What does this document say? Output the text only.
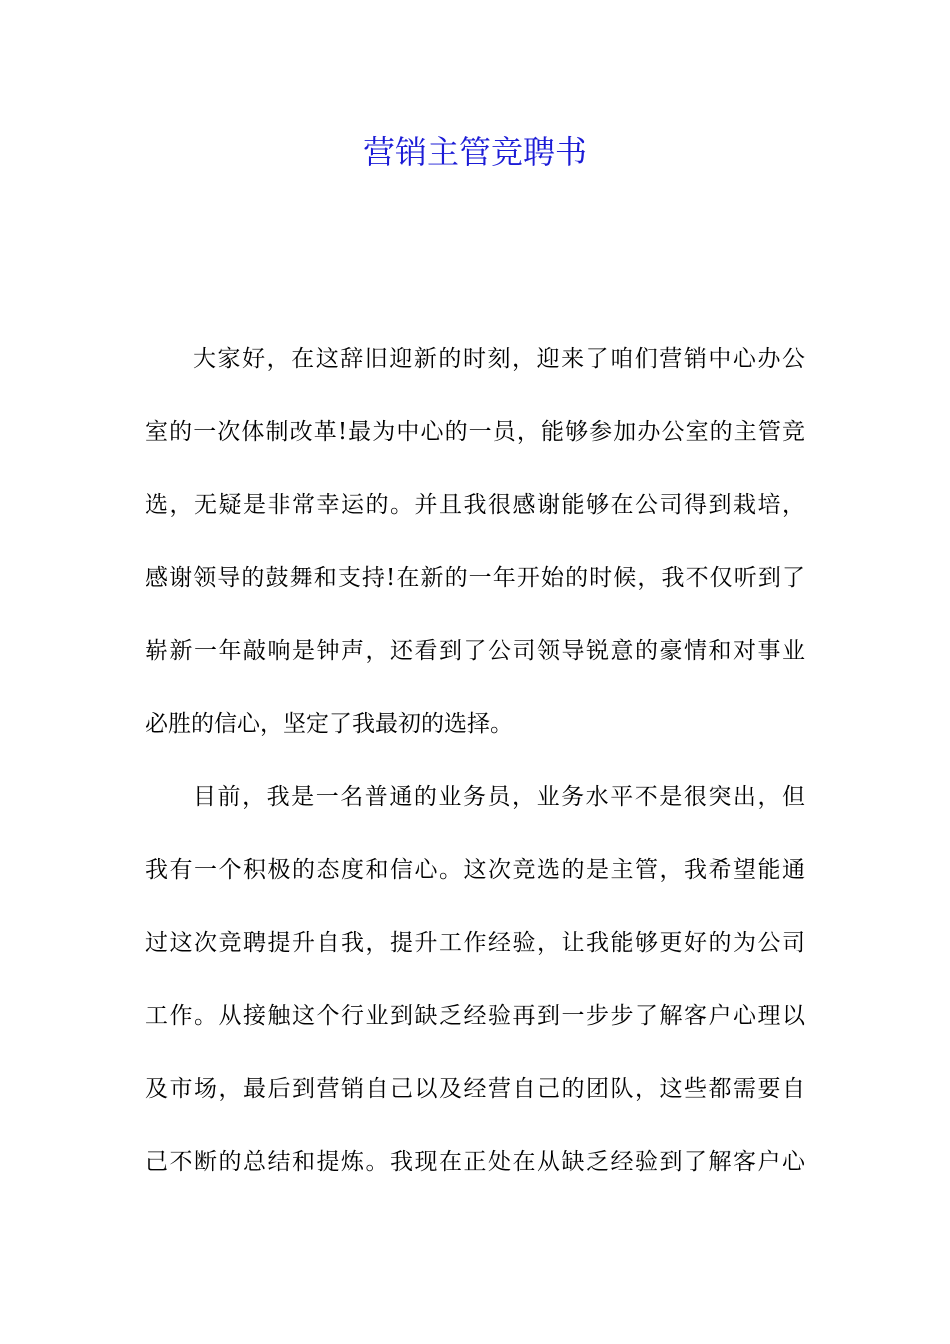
营销主管竞聘书
大家好，在这辞旧迎新的时刻，迎来了咱们营销中心办公
室的一次体制改革!最为中心的一员，能够参加办公室的主管竞
选，无疑是非常幸运的。并且我很感谢能够在公司得到栽培，
感谢领导的鼓舞和支持!在新的一年开始的时候，我不仅听到了
崭新一年敲响是钟声，还看到了公司领导锐意的豪情和对事业
必胜的信心，坚定了我最初的选择。
目前，我是一名普通的业务员，业务水平不是很突出，但
我有一个积极的态度和信心。这次竞选的是主管，我希望能通
过这次竞聘提升自我，提升工作经验，让我能够更好的为公司
工作。从接触这个行业到缺乏经验再到一步步了解客户心理以
及市场，最后到营销自己以及经营自己的团队，这些都需要自
己不断的总结和提炼。我现在正处在从缺乏经验到了解客户心
